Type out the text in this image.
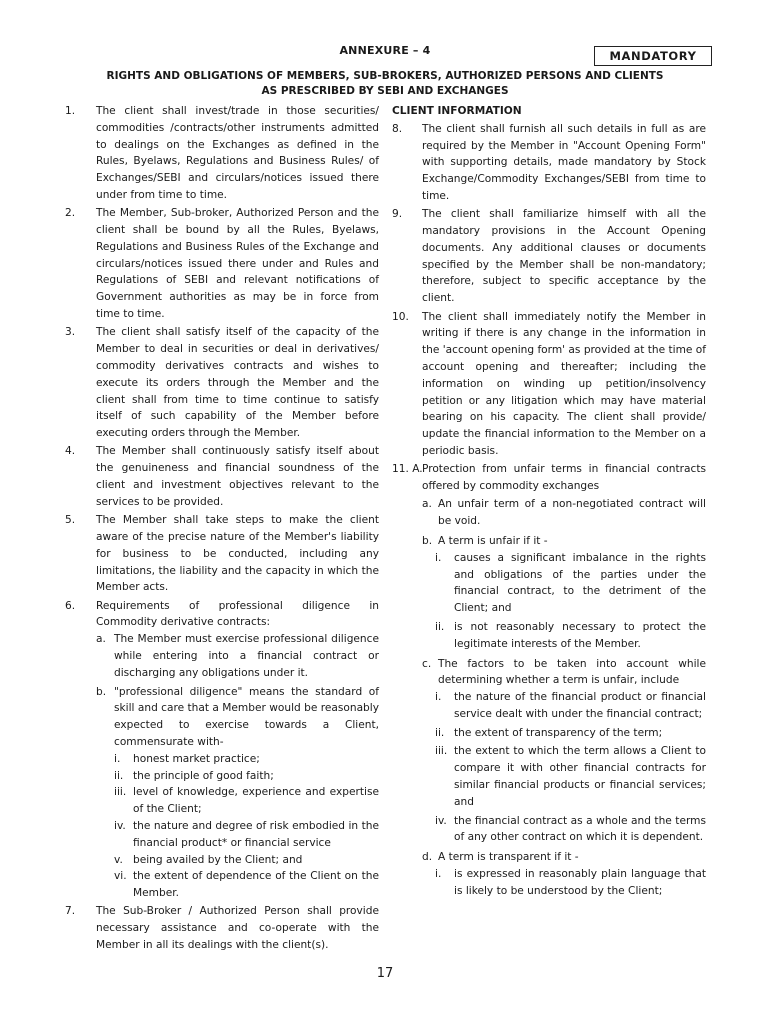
ANNEXURE – 4	MANDATORY
RIGHTS AND OBLIGATIONS OF MEMBERS, SUB-BROKERS, AUTHORIZED PERSONS AND CLIENTS
AS PRESCRIBED BY SEBI AND EXCHANGES
1. The client shall invest/trade in those securities/ commodities /contracts/other instruments admitted to dealings on the Exchanges as defined in the Rules, Byelaws, Regulations and Business Rules/ of Exchanges/SEBI and circulars/notices issued there under from time to time.
2. The Member, Sub-broker, Authorized Person and the client shall be bound by all the Rules, Byelaws, Regulations and Business Rules of the Exchange and circulars/notices issued there under and Rules and Regulations of SEBI and relevant notifications of Government authorities as may be in force from time to time.
3. The client shall satisfy itself of the capacity of the Member to deal in securities or deal in derivatives/ commodity derivatives contracts and wishes to execute its orders through the Member and the client shall from time to time continue to satisfy itself of such capability of the Member before executing orders through the Member.
4. The Member shall continuously satisfy itself about the genuineness and financial soundness of the client and investment objectives relevant to the services to be provided.
5. The Member shall take steps to make the client aware of the precise nature of the Member's liability for business to be conducted, including any limitations, the liability and the capacity in which the Member acts.
6. Requirements of professional diligence in Commodity derivative contracts:
a. The Member must exercise professional diligence while entering into a financial contract or discharging any obligations under it.
b. "professional diligence" means the standard of skill and care that a Member would be reasonably expected to exercise towards a Client, commensurate with-
i. honest market practice;
ii. the principle of good faith;
iii. level of knowledge, experience and expertise of the Client;
iv. the nature and degree of risk embodied in the financial product* or financial service
v. being availed by the Client; and
vi. the extent of dependence of the Client on the Member.
7. The Sub-Broker / Authorized Person shall provide necessary assistance and co-operate with the Member in all its dealings with the client(s).
CLIENT INFORMATION
8. The client shall furnish all such details in full as are required by the Member in "Account Opening Form" with supporting details, made mandatory by Stock Exchange/Commodity Exchanges/SEBI from time to time.
9. The client shall familiarize himself with all the mandatory provisions in the Account Opening documents. Any additional clauses or documents specified by the Member shall be non-mandatory; therefore, subject to specific acceptance by the client.
10. The client shall immediately notify the Member in writing if there is any change in the information in the 'account opening form' as provided at the time of account opening and thereafter; including the information on winding up petition/insolvency petition or any litigation which may have material bearing on his capacity. The client shall provide/ update the financial information to the Member on a periodic basis.
11. A. Protection from unfair terms in financial contracts offered by commodity exchanges
a. An unfair term of a non-negotiated contract will be void.
b. A term is unfair if it -
i. causes a significant imbalance in the rights and obligations of the parties under the financial contract, to the detriment of the Client; and
ii. is not reasonably necessary to protect the legitimate interests of the Member.
c. The factors to be taken into account while determining whether a term is unfair, include
i. the nature of the financial product or financial service dealt with under the financial contract;
ii. the extent of transparency of the term;
iii. the extent to which the term allows a Client to compare it with other financial contracts for similar financial products or financial services; and
iv. the financial contract as a whole and the terms of any other contract on which it is dependent.
d. A term is transparent if it -
i. is expressed in reasonably plain language that is likely to be understood by the Client;
17
